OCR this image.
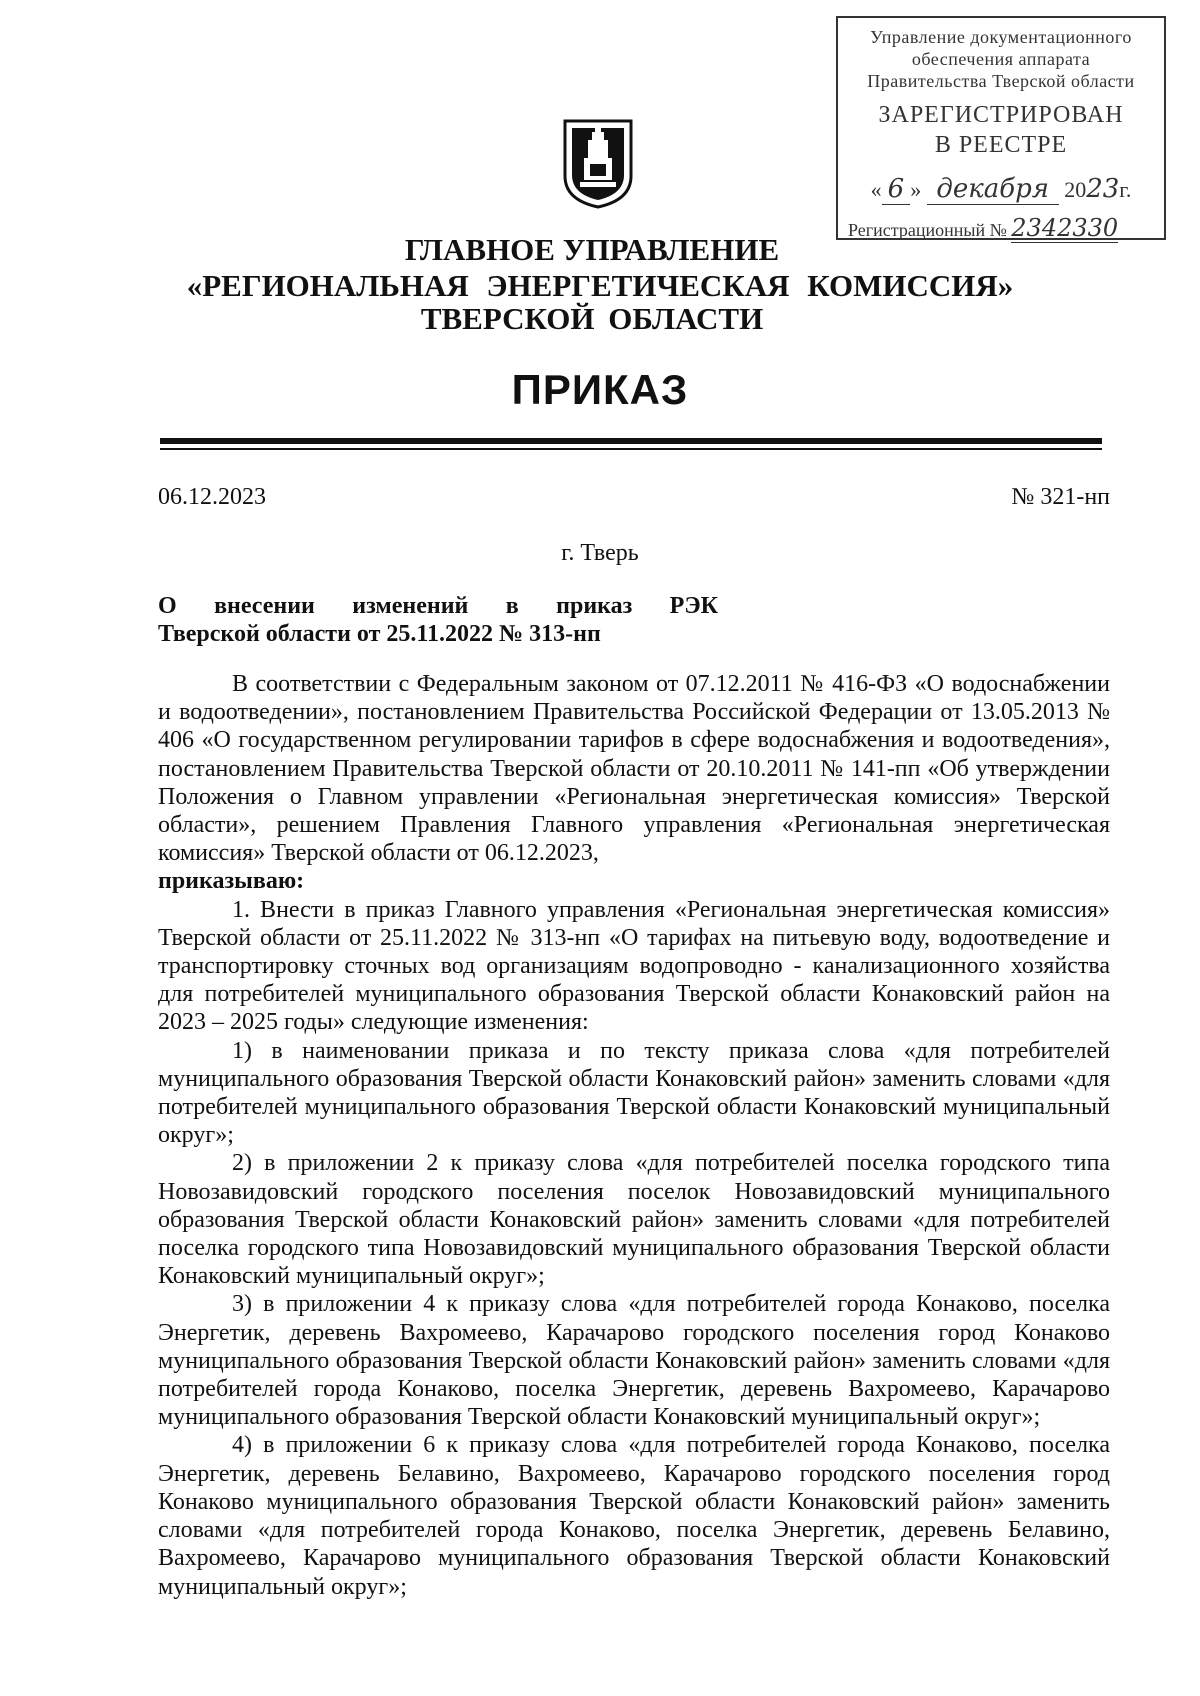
Управление документационного
обеспечения аппарата
Правительства Тверской области
ЗАРЕГИСТРИРОВАН
В РЕЕСТРЕ
« 6 » декабря 2023г.
Регистрационный № 2342330
ГЛАВНОЕ УПРАВЛЕНИЕ
«РЕГИОНАЛЬНАЯ ЭНЕРГЕТИЧЕСКАЯ КОМИССИЯ»
ТВЕРСКОЙ ОБЛАСТИ
ПРИКАЗ
06.12.2023	№ 321-нп
г. Тверь
О внесении изменений в приказ РЭК
Тверской области от 25.11.2022 № 313-нп

В соответствии с Федеральным законом от 07.12.2011 № 416-ФЗ «О водоснабжении и водоотведении», постановлением Правительства Российской Федерации от 13.05.2013 № 406 «О государственном регулировании тарифов в сфере водоснабжения и водоотведения», постановлением Правительства Тверской области от 20.10.2011 № 141-пп «Об утверждении Положения о Главном управлении «Региональная энергетическая комиссия» Тверской области», решением Правления Главного управления «Региональная энергетическая комиссия» Тверской области от 06.12.2023,

приказываю:

1. Внести в приказ Главного управления «Региональная энергетическая комиссия» Тверской области от 25.11.2022 № 313-нп «О тарифах на питьевую воду, водоотведение и транспортировку сточных вод организациям водопроводно - канализационного хозяйства для потребителей муниципального образования Тверской области Конаковский район на 2023 – 2025 годы» следующие изменения:

1) в наименовании приказа и по тексту приказа слова «для потребителей муниципального образования Тверской области Конаковский район» заменить словами «для потребителей муниципального образования Тверской области Конаковский муниципальный округ»;

2) в приложении 2 к приказу слова «для потребителей поселка городского типа Новозавидовский городского поселения поселок Новозавидовский муниципального образования Тверской области Конаковский район» заменить словами «для потребителей поселка городского типа Новозавидовский муниципального образования Тверской области Конаковский муниципальный округ»;

3) в приложении 4 к приказу слова «для потребителей города Конаково, поселка Энергетик, деревень Вахромеево, Карачарово городского поселения город Конаково муниципального образования Тверской области Конаковский район» заменить словами «для потребителей города Конаково, поселка Энергетик, деревень Вахромеево, Карачарово муниципального образования Тверской области Конаковский муниципальный округ»;

4) в приложении 6 к приказу слова «для потребителей города Конаково, поселка Энергетик, деревень Белавино, Вахромеево, Карачарово городского поселения город Конаково муниципального образования Тверской области Конаковский район» заменить словами «для потребителей города Конаково, поселка Энергетик, деревень Белавино, Вахромеево, Карачарово муниципального образования Тверской области Конаковский муниципальный округ»;
